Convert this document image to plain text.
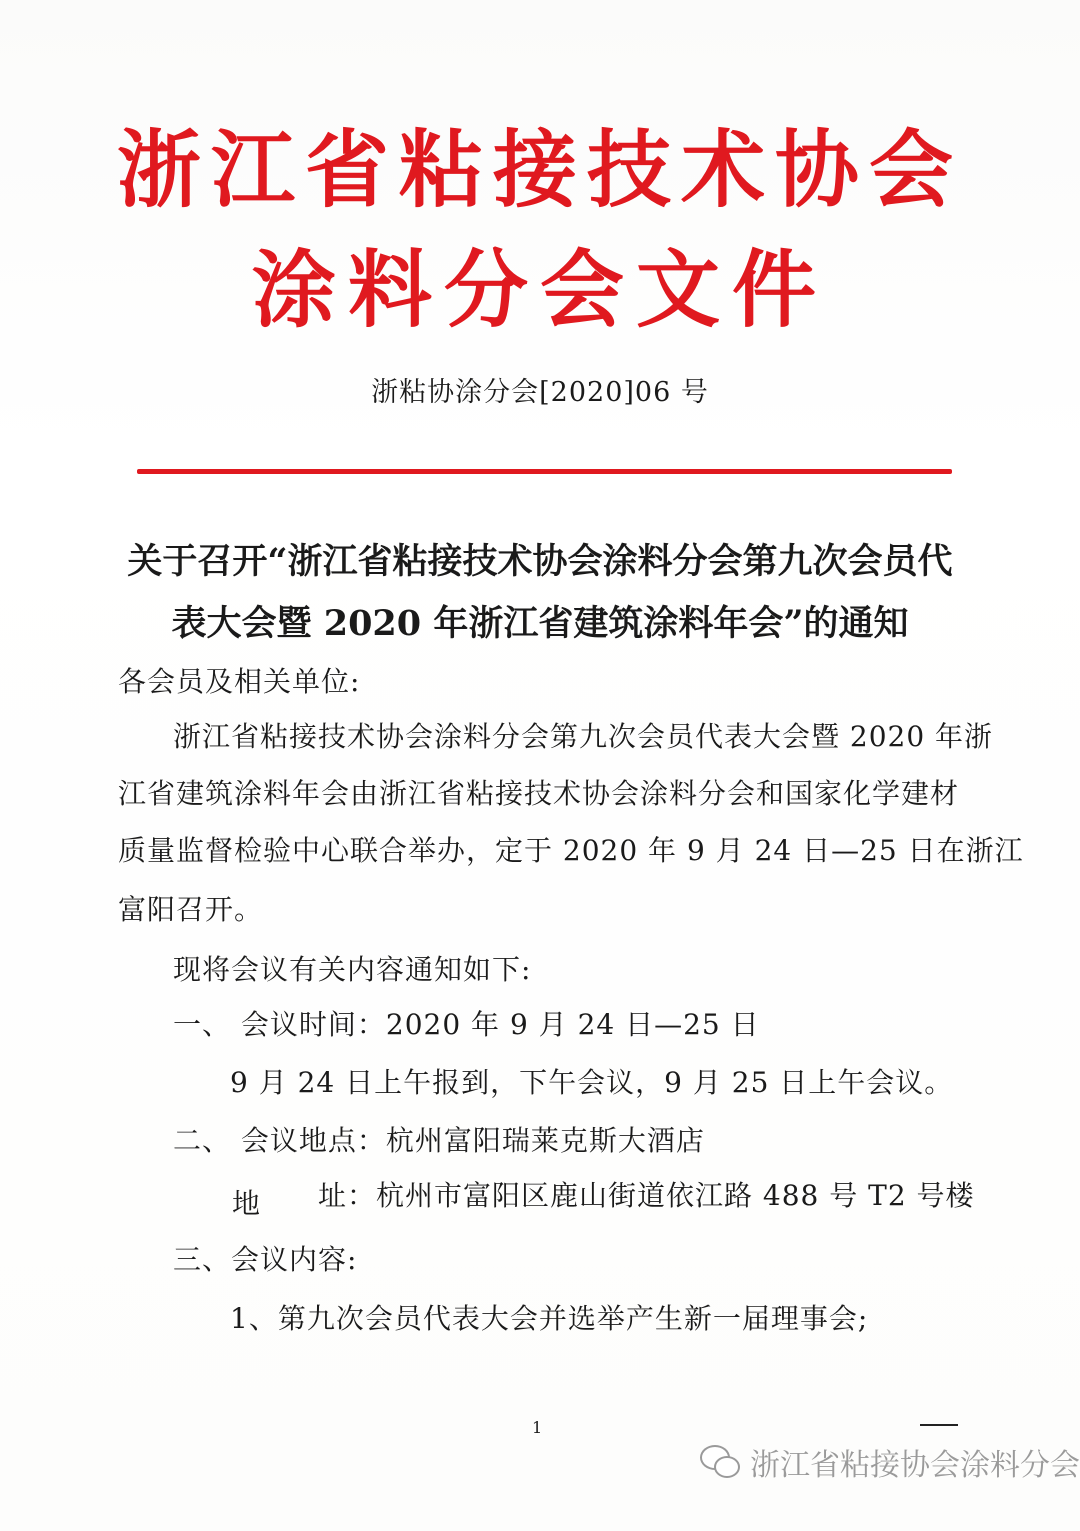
浙江省粘接技术协会
涂料分会文件
浙粘协涂分会[2020]06 号
关于召开“浙江省粘接技术协会涂料分会第九次会员代
表大会暨 2020 年浙江省建筑涂料年会”的通知
各会员及相关单位:
浙江省粘接技术协会涂料分会第九次会员代表大会暨 2020 年浙
江省建筑涂料年会由浙江省粘接技术协会涂料分会和国家化学建材
质量监督检验中心联合举办，定于 2020 年 9 月 24 日—25 日在浙江
富阳召开。
现将会议有关内容通知如下:
一、 会议时间：2020 年 9 月 24 日—25 日
9 月 24 日上午报到，下午会议，9 月 25 日上午会议。
二、 会议地点：杭州富阳瑞莱克斯大酒店
地 址：杭州市富阳区鹿山街道依江路 488 号 T2 号楼
三、会议内容:
1、第九次会员代表大会并选举产生新一届理事会;
1
浙江省粘接协会涂料分会
